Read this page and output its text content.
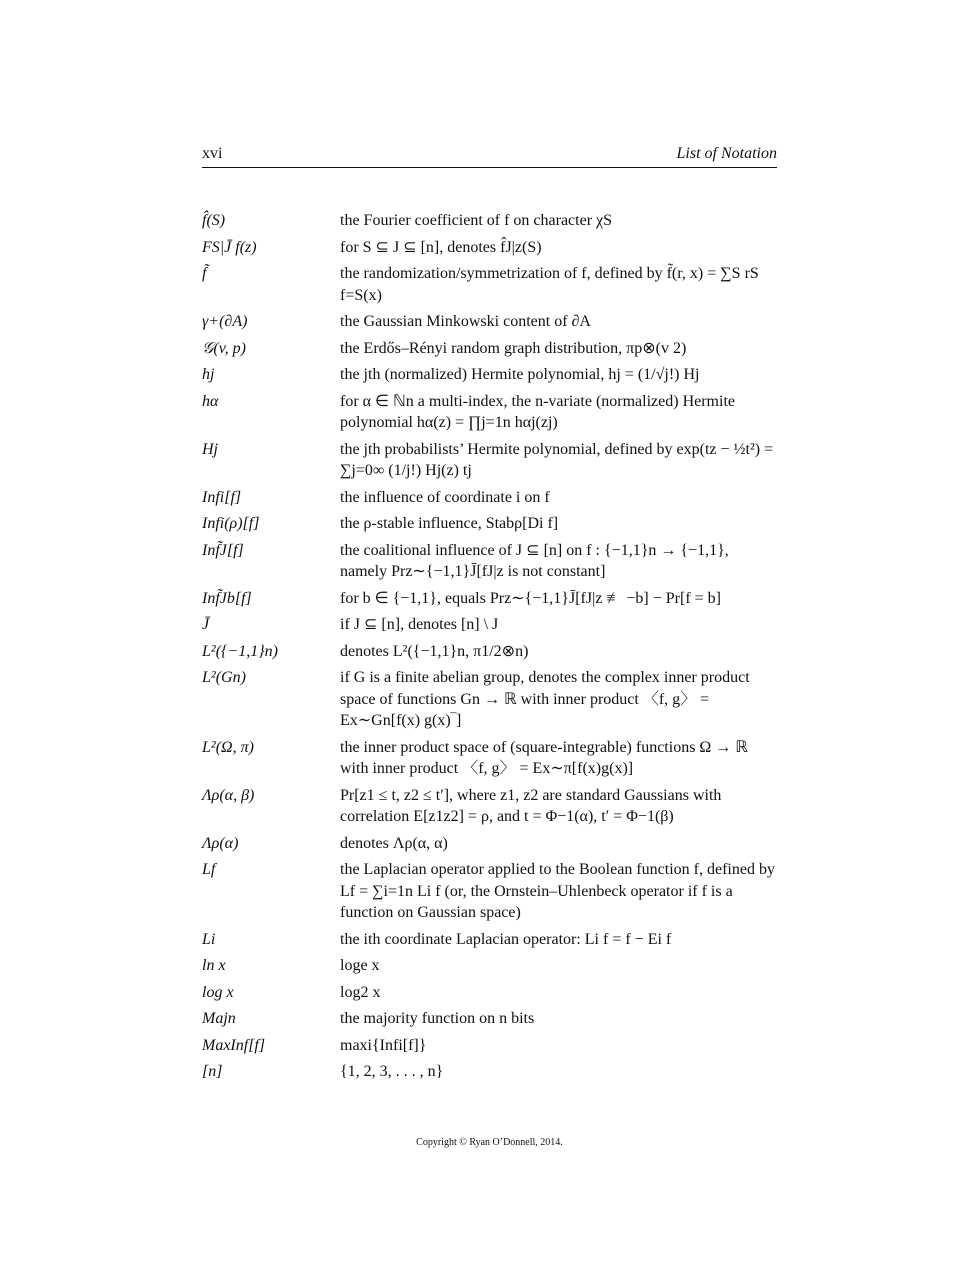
xvi	List of Notation
f̂(S)	the Fourier coefficient of f on character χS
FS|J̄ f(z)	for S ⊆ J ⊆ [n], denotes f̂J|z(S)
f̃	the randomization/symmetrization of f, defined by f̃(r, x) = ∑S rS f=S(x)
γ+(∂A)	the Gaussian Minkowski content of ∂A
𝒢(v, p)	the Erdős–Rényi random graph distribution, πp⊗(v 2)
hj	the jth (normalized) Hermite polynomial, hj = (1/√j!) Hj
hα	for α ∈ ℕn a multi-index, the n-variate (normalized) Hermite polynomial hα(z) = ∏j=1n hαj(zj)
Hj	the jth probabilists’ Hermite polynomial, defined by exp(tz − ½t²) = ∑j=0∞ (1/j!) Hj(z) tj
Infi[f]	the influence of coordinate i on f
Infi(ρ)[f]	the ρ-stable influence, Stabρ[Di f]
Inf̃J[f]	the coalitional influence of J ⊆ [n] on f : {−1,1}n → {−1,1}, namely Prz∼{−1,1}J̄[fJ|z is not constant]
Inf̃Jb[f]	for b ∈ {−1,1}, equals Prz∼{−1,1}J̄[fJ|z ≢ −b] − Pr[f = b]
J̄	if J ⊆ [n], denotes [n] \ J
L²({−1,1}n)	denotes L²({−1,1}n, π1/2⊗n)
L²(Gn)	if G is a finite abelian group, denotes the complex inner product space of functions Gn → ℝ with inner product 〈f, g〉 = Ex∼Gn[f(x) g(x)‾]
L²(Ω, π)	the inner product space of (square-integrable) functions Ω → ℝ with inner product 〈f, g〉 = Ex∼π[f(x)g(x)]
Λρ(α, β)	Pr[z1 ≤ t, z2 ≤ t′], where z1, z2 are standard Gaussians with correlation E[z1z2] = ρ, and t = Φ−1(α), t′ = Φ−1(β)
Λρ(α)	denotes Λρ(α, α)
Lf	the Laplacian operator applied to the Boolean function f, defined by Lf = ∑i=1n Li f (or, the Ornstein–Uhlenbeck operator if f is a function on Gaussian space)
Li	the ith coordinate Laplacian operator: Li f = f − Ei f
ln x	loge x
log x	log2 x
Majn	the majority function on n bits
MaxInf[f]	maxi{Infi[f]}
[n]	{1, 2, 3, . . . , n}
Copyright © Ryan O’Donnell, 2014.
